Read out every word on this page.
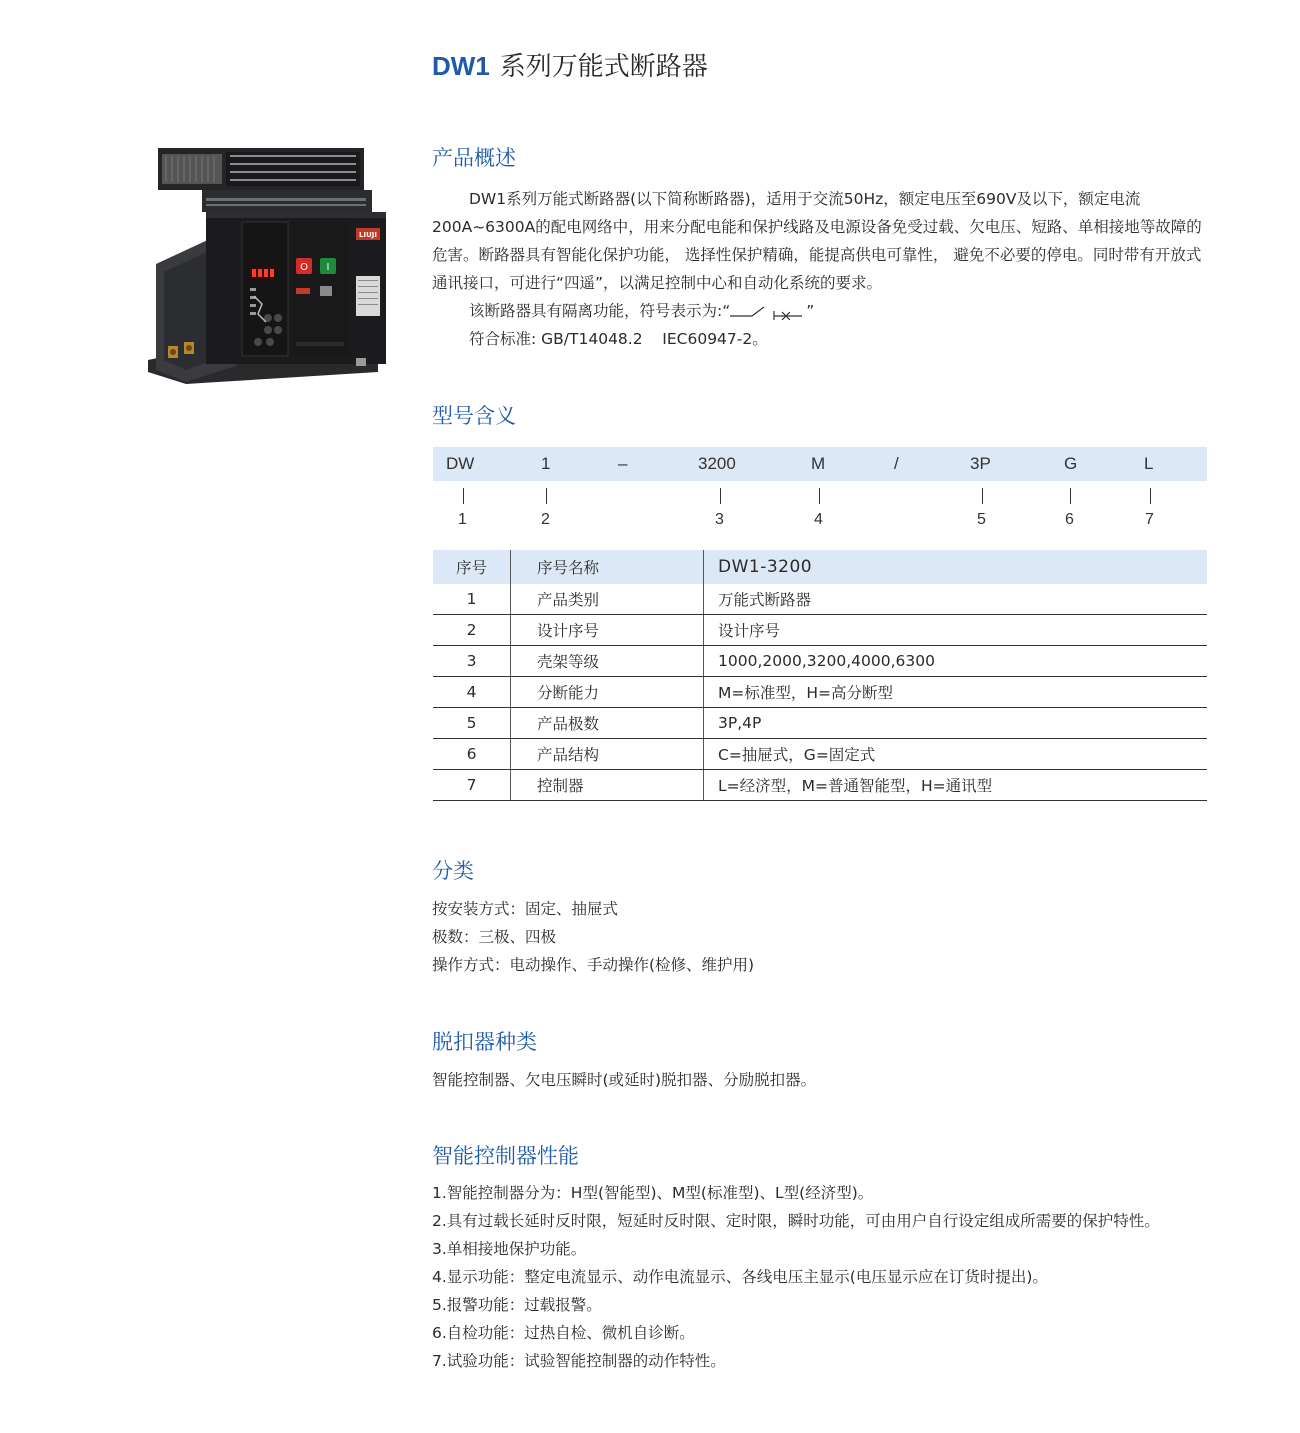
DW1 系列万能式断路器
O I
LIUJI
产品概述

DW1系列万能式断路器(以下简称断路器)，适用于交流50Hz，额定电压至690V及以下，额定电流200A~6300A的配电网络中，用来分配电能和保护线路及电源设备免受过载、欠电压、短路、单相接地等故障的危害。断路器具有智能化保护功能， 选择性保护精确，能提高供电可靠性， 避免不必要的停电。同时带有开放式通讯接口，可进行“四遥”，以满足控制中心和自动化系统的要求。

该断路器具有隔离功能，符号表示为:“	”

符合标准: GB/T14048.2    IEC60947-2。

型号含义
DW	1	–	3200	M	/	3P	G	L
1	2	3	4	5	6	7
序号	序号名称	DW1-3200
1	产品类别	万能式断路器
2	设计序号	设计序号
3	壳架等级	1000,2000,3200,4000,6300
4	分断能力	M=标准型，H=高分断型
5	产品极数	3P,4P
6	产品结构	C=抽屉式，G=固定式
7	控制器	L=经济型，M=普通智能型，H=通讯型
分类
按安装方式：固定、抽屉式
极数：三极、四极
操作方式：电动操作、手动操作(检修、维护用)
脱扣器种类
智能控制器、欠电压瞬时(或延时)脱扣器、分励脱扣器。
智能控制器性能
1.智能控制器分为：H型(智能型)、M型(标准型)、L型(经济型)。
2.具有过载长延时反时限，短延时反时限、定时限，瞬时功能，可由用户自行设定组成所需要的保护特性。
3.单相接地保护功能。
4.显示功能：整定电流显示、动作电流显示、各线电压主显示(电压显示应在订货时提出)。
5.报警功能：过载报警。
6.自检功能：过热自检、微机自诊断。
7.试验功能：试验智能控制器的动作特性。
